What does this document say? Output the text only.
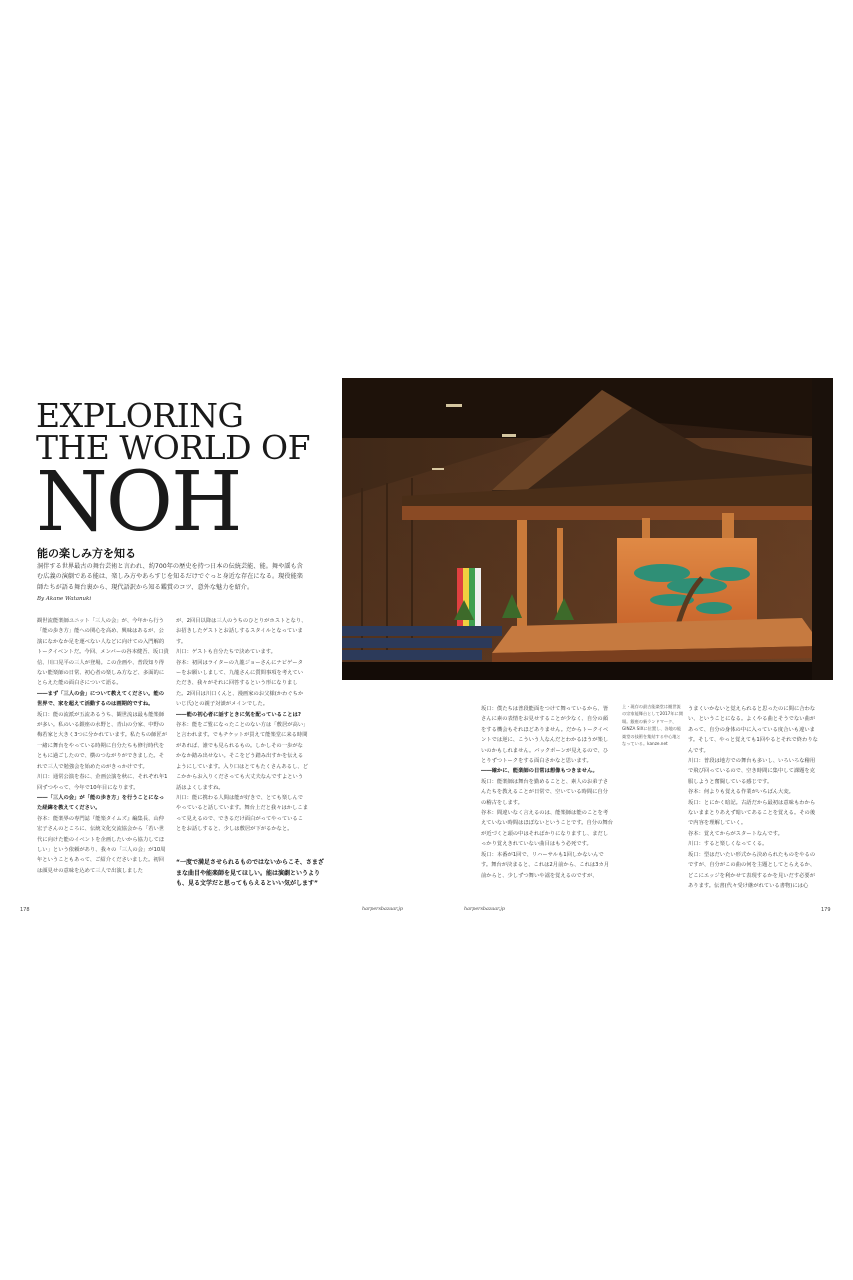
EXPLORING
THE WORLD OF
NOH
能の楽しみ方を知る
洞伴する世界最古の舞台芸術と言われ、約700年の歴史を持つ日本の伝統芸能、能。舞や謡も含む広義の演劇である能は、楽しみ方やあらすじを知るだけでぐっと身近な存在になる。現役能楽師たちが語る舞台裏から、現代語訳から知る鑑賞のコツ、意外な魅力を紹介。
By Akane Watanuki

観世流能楽師ユニット「三人の会」が、今年から行う「能の歩き方」能への関心を高め、興味はあるが、公演になかなか足を運べない人などに向けての入門解的トークイベントだ。今回、メンバーの谷本健吾、坂口貴信、川口晃平の三人が登場。この企画や、普段知り得ない能楽師の日常、初心者の楽しみ方など、多面的にとらえた能の面白さについて語る。

――まず「三人の会」について教えてください。能の世界で、家を超えて活動するのは画期的ですね。

坂口：能の流派が五流あるうち、観世流は最も能楽師が多い。私のいる銀座の水野と、青山の分家、中野の梅若家と大きく3つに分かれています。私たちの師匠が一緒に舞台をやっている時期に自分たちも修行時代をともに過ごしたので、横のつながりができました。それで三人で勉強会を始めたのがきっかけです。

川口：通常公演を春に、企画公演を秋に、それぞれ年1回ずつやって、今年で10年目になります。

――「三人の会」が「能の歩き方」を行うことになった経緯を教えてください。

谷本：能楽界の専門誌『能楽タイムズ』編集長、山仲宏子さんのところに、伝統文化交流協会から「若い世代に向けた能のイベントを企画したいから協力してほしい」という依頼があり、我々の「三人の会」が10周年ということもあって、ご紹介くださいました。初回は顔見せの意味を込めて三人で出演しました

が、2回目以降は三人のうちのひとりがホストとなり、お招きしたゲストとお話しするスタイルとなっています。

川口：ゲストも自分たちで決めています。

谷本：初回はライターの九龍ジョーさんにナビゲーターをお願いしまして、九龍さんに質問事項を考えていただき、我々がそれに回答するという形になりました。2回目は川口くんと、漫画家のお父様(かわぐちかいじ氏)との親子対談がメインでした。

――能の初心者に話すときに気を配っていることは?

谷本：能をご覧になったことのない方は「敷居が高い」と言われます。でもチケットが買えて能楽堂に来る時間があれば、誰でも見られるもの。しかしその一歩がなかなか踏み出せない。そこをどう踏み出すかを伝えるようにしています。入り口はとてもたくさんあるし、どこかからお入りくださっても大丈夫なんですよという話はよくしますね。

川口：能に携わる人間は能が好きで、とても楽しんでやっていると話しています。舞台上だと我々はかしこまって見えるので、できるだけ面白がってやっていることをお話しすると、少しは敷居が下がるかなと。

“一度で満足させられるものではないからこそ、さまざまな曲目や能楽師を見てほしい。能は演劇というよりも、見る文学だと思ってもらえるといい気がします”

坂口：僕たちは普段能面をつけて舞っているから、皆さんに素の表情をお見せすることが少なく、自分の顔をする機会もそれほどありません。だからトークイベントでは逆に、こういう人なんだとわかるほうが楽しいのかもしれません。バックボーンが見えるので、ひとりずつトークをする面白さかなと思います。

――確かに、能楽師の日常は想像もつきません。

坂口：能楽師は舞台を勤めることと、素人のお弟子さんたちを教えることが日常で、空いている時間に自分の稽古をします。

谷本：間違いなく言えるのは、能楽師は能のことを考えていない時間はほぼないということです。自分の舞台が近づくと頭の中はそればかりになりますし、まだしっかり覚えきれていない曲目はもう必死です。

坂口：本番が1回で、リハーサルも1回しかないんです。舞台が決まると、これは2月前から、これは3カ月前からと、少しずつ舞いや謡を覚えるのですが、

上・現存の最古能楽堂は観世流の宗家能舞台として2017年に開場。銀座の新ランドマーク、GINZA SIXに位置し、各地の能楽堂の技術を集結する中心地となっている。kanze.net

うまくいかないと覚えられると思ったのに間に合わない、ということになる。よくやる曲とそうでない曲があって、自分の身体の中に入っている度合いも違います。そして、やっと覚えても1回やるとそれで終わりなんです。

川口：普段は地方での舞台も多いし、いろいろな稽用で飛び回っているので、空き時間に集中して課題を克服しようと奮闘している感じです。

谷本：何よりも覚える作業がいちばん大変。

坂口：とにかく暗記。古語だから最初は意味もわからないままとりあえず暗いてあることを覚える。その後で内容を理解していく。

谷本：覚えてからがスタートなんです。

川口：すると楽しくなってくる。

坂口：型はだいたい形式から決められたものをやるのですが、自分がこの曲の何を主題としてとらえるか、どこにエッジを利かせて表現するかを見いだす必要があります。伝書(代々受け継がれている書物)には心

178	harpersbazaar.jp	harpersbazaar.jp	179
